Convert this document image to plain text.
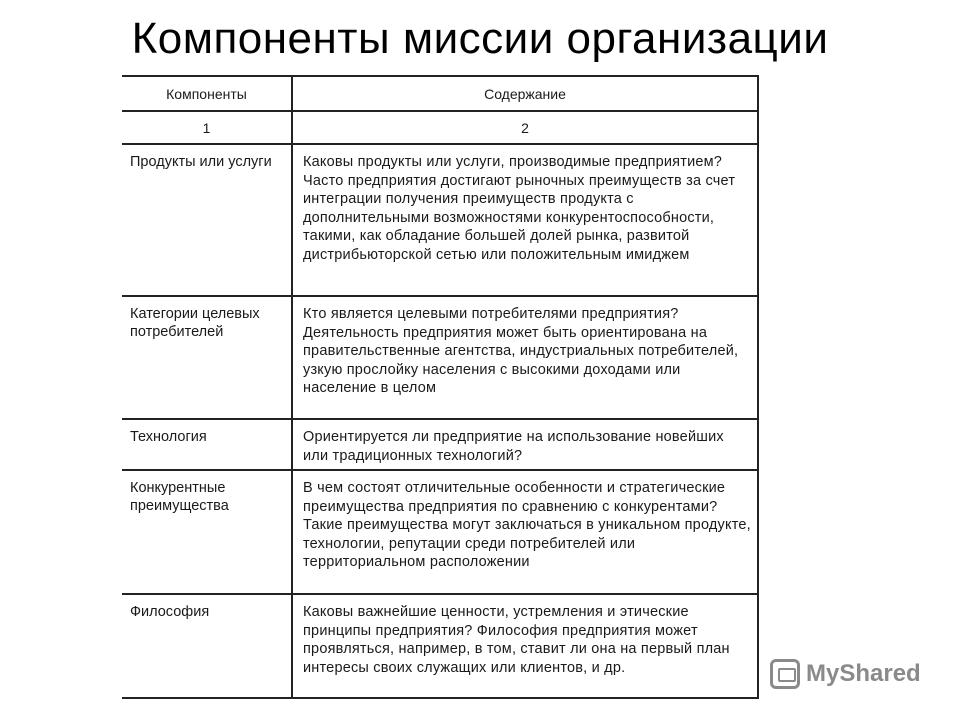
Компоненты миссии организации
Компоненты	Содержание
1	2
Продукты или услуги	Каковы продукты или услуги, производимые предприятием? Часто предприятия достигают рыночных преимуществ за счет интеграции получения преимуществ продукта с дополнительными возможностями конкурентоспособности, такими, как обладание большей долей рынка, развитой дистрибьюторской сетью или положительным имиджем
Категории целевых потребителей	Кто является целевыми потребителями предприятия? Деятельность предприятия может быть ориентирована на правительственные агентства, индустриальных потребителей, узкую прослойку населения с высокими доходами или население в целом
Технология	Ориентируется ли предприятие на использование новейших или традиционных технологий?
Конкурентные преимущества	В чем состоят отличительные особенности и стратегические преимущества предприятия по сравнению с конкурентами? Такие преимущества могут заключаться в уникальном продукте, технологии, репутации среди потребителей или территориальном расположении
Философия	Каковы важнейшие ценности, устремления и этические принципы предприятия? Философия предприятия может проявляться, например, в том, ставит ли она на первый план интересы своих служащих или клиентов, и др.	MyShared
